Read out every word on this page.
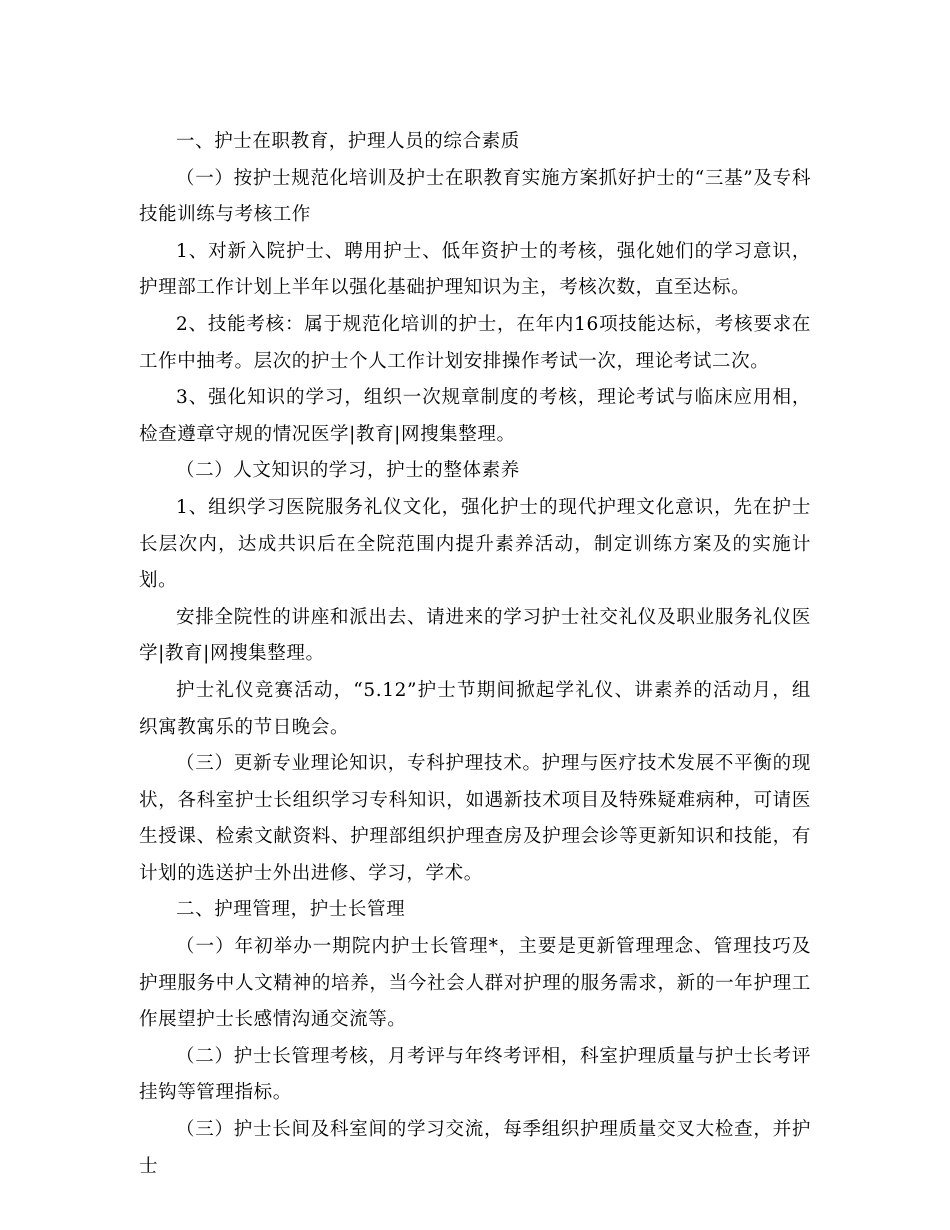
一、护士在职教育，护理人员的综合素质

（一）按护士规范化培训及护士在职教育实施方案抓好护士的“三基”及专科技能训练与考核工作

1、对新入院护士、聘用护士、低年资护士的考核，强化她们的学习意识，护理部工作计划上半年以强化基础护理知识为主，考核次数，直至达标。

2、技能考核：属于规范化培训的护士，在年内16项技能达标，考核要求在工作中抽考。层次的护士个人工作计划安排操作考试一次，理论考试二次。

3、强化知识的学习，组织一次规章制度的考核，理论考试与临床应用相，检查遵章守规的情况医学|教育|网搜集整理。

（二）人文知识的学习，护士的整体素养

1、组织学习医院服务礼仪文化，强化护士的现代护理文化意识，先在护士长层次内，达成共识后在全院范围内提升素养活动，制定训练方案及的实施计划。

安排全院性的讲座和派出去、请进来的学习护士社交礼仪及职业服务礼仪医学|教育|网搜集整理。

护士礼仪竞赛活动，“5.12”护士节期间掀起学礼仪、讲素养的活动月，组织寓教寓乐的节日晚会。

（三）更新专业理论知识，专科护理技术。护理与医疗技术发展不平衡的现状，各科室护士长组织学习专科知识，如遇新技术项目及特殊疑难病种，可请医生授课、检索文献资料、护理部组织护理查房及护理会诊等更新知识和技能，有计划的选送护士外出进修、学习，学术。

二、护理管理，护士长管理

（一）年初举办一期院内护士长管理*，主要是更新管理理念、管理技巧及护理服务中人文精神的培养，当今社会人群对护理的服务需求，新的一年护理工作展望护士长感情沟通交流等。

（二）护士长管理考核，月考评与年终考评相，科室护理质量与护士长考评挂钩等管理指标。

（三）护士长间及科室间的学习交流，每季组织护理质量交叉大检查，并护士
